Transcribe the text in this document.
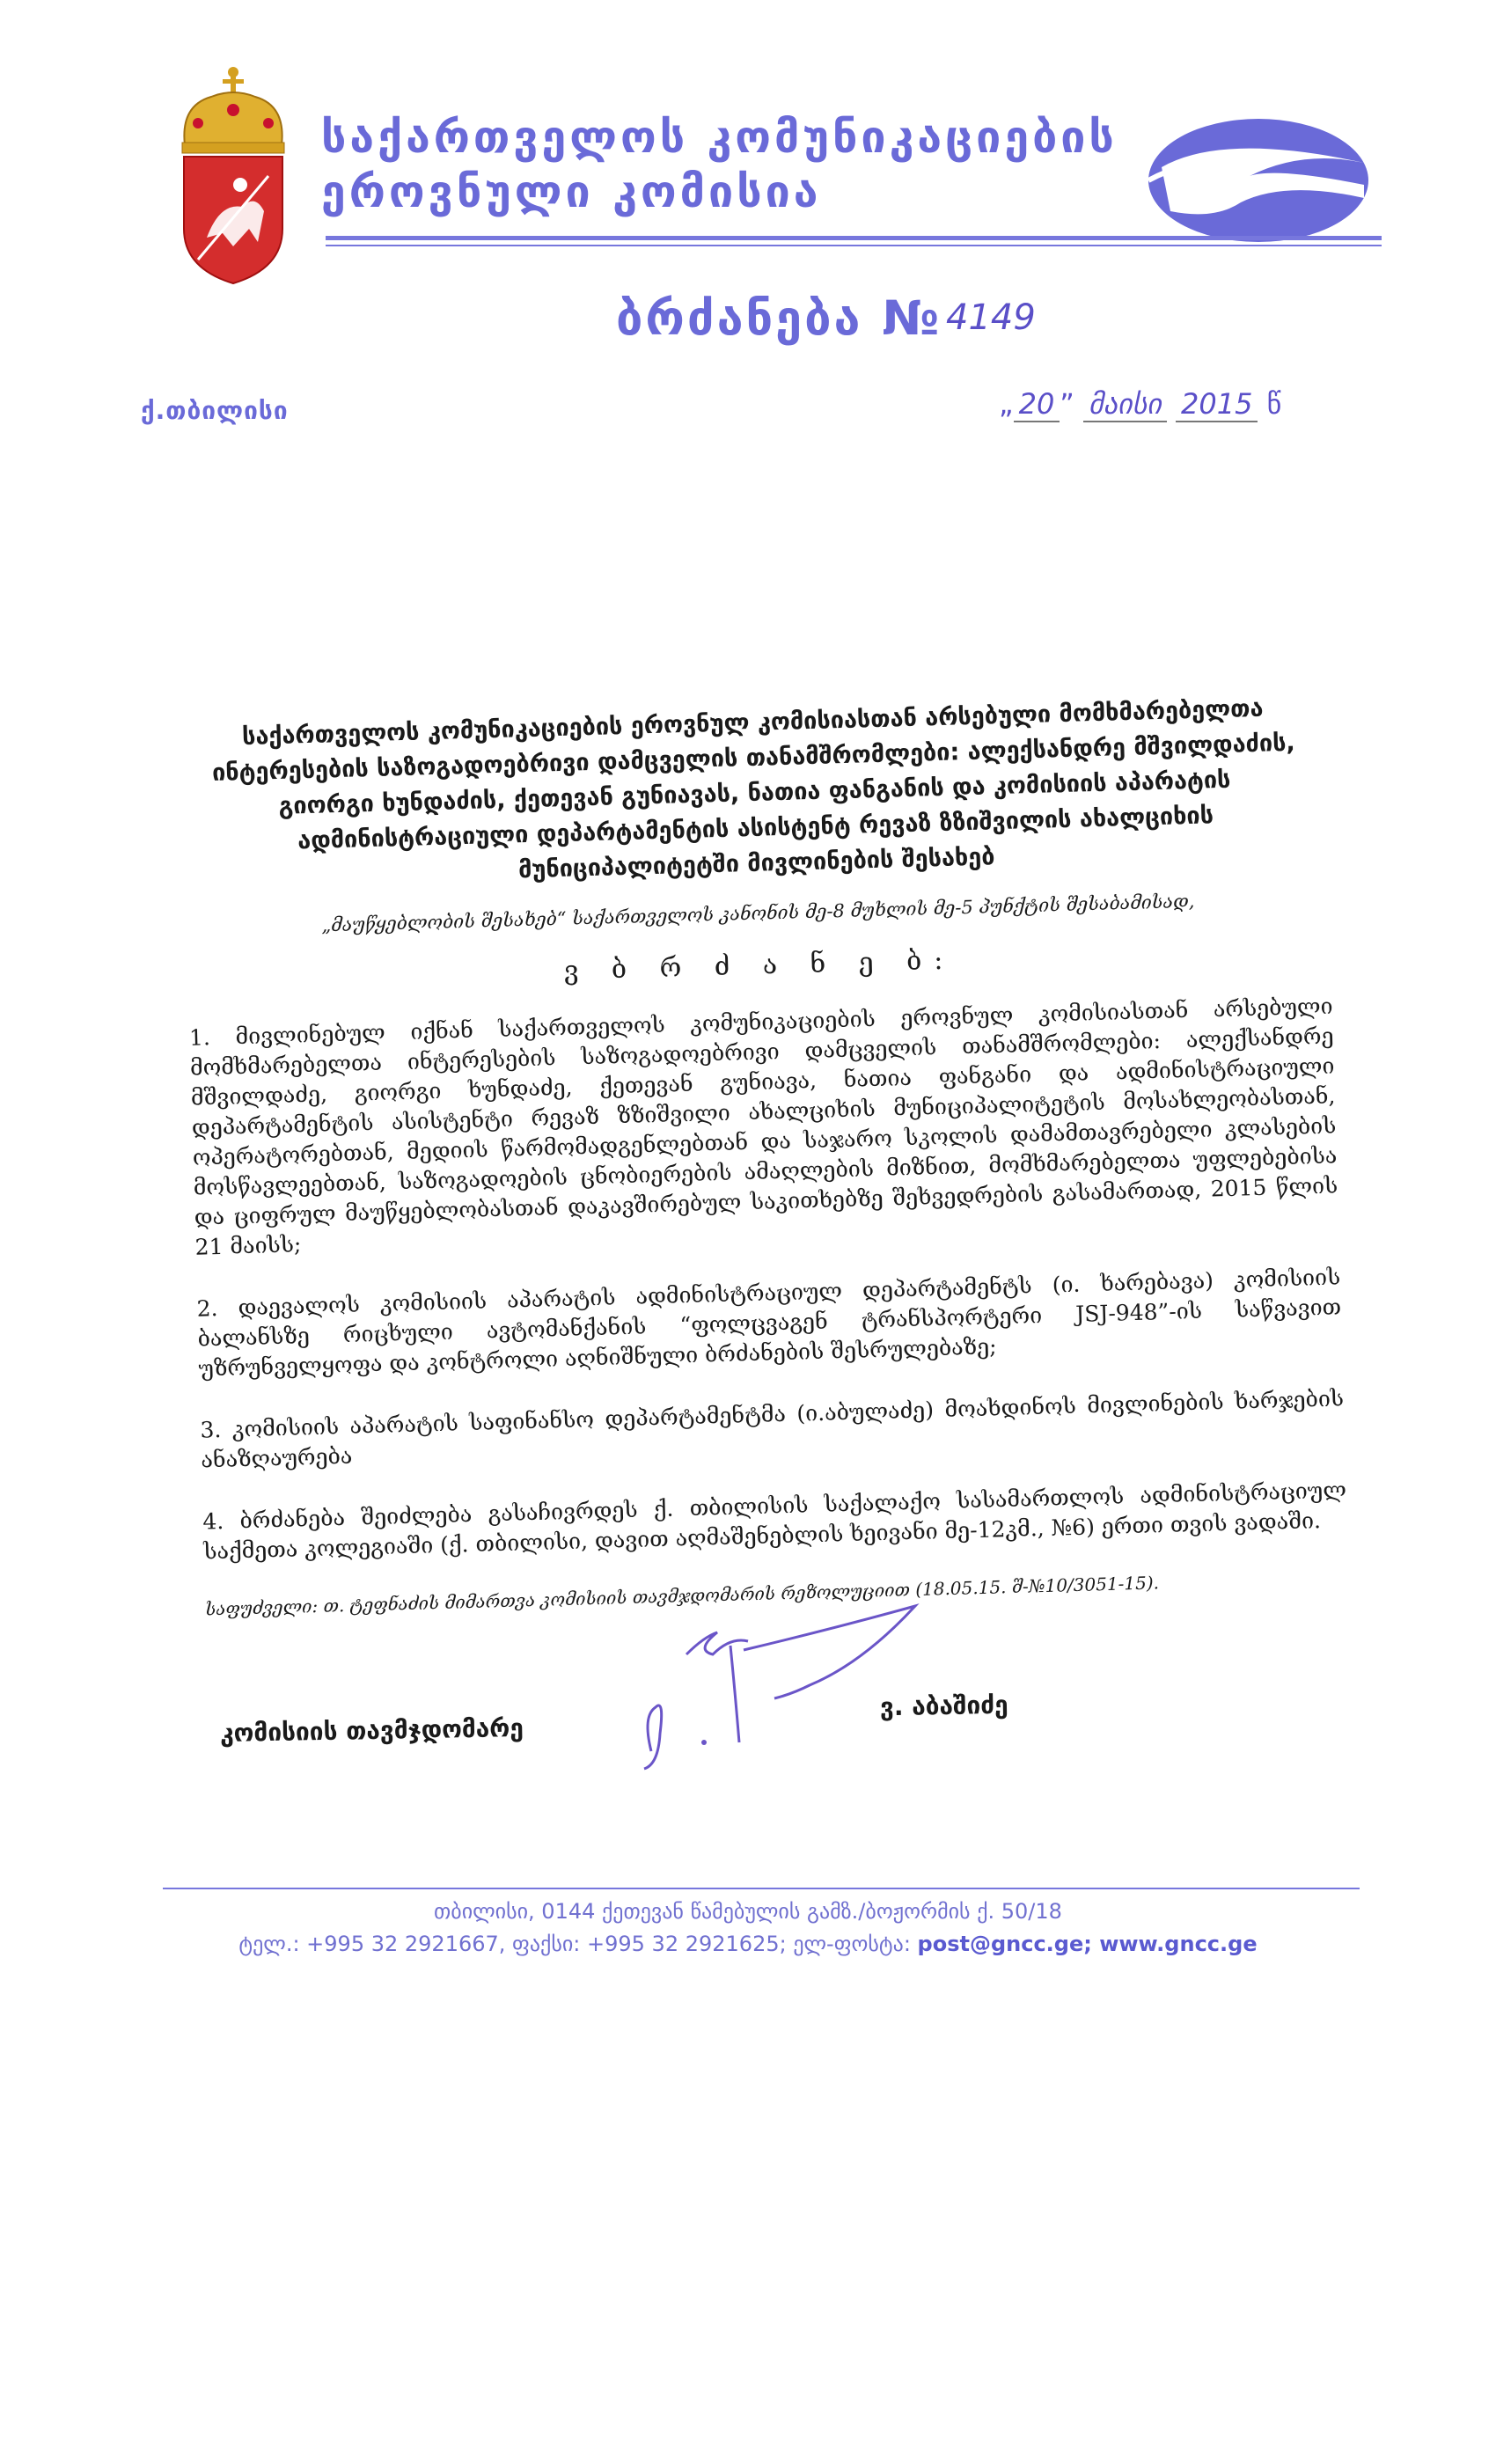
საქართველოს კომუნიკაციების
ეროვნული კომისია
ბრძანება № 4149
ქ.თბილისი	„ 20 ” მაისი 2015 წ

საქართველოს კომუნიკაციების ეროვნულ კომისიასთან არსებული მომხმარებელთა ინტერესების საზოგადოებრივი დამცველის თანამშრომლები: ალექსანდრე მშვილდაძის, გიორგი ხუნდაძის, ქეთევან გუნიავას, ნათია ფანგანის და კომისიის აპარატის ადმინისტრაციული დეპარტამენტის ასისტენტ რევაზ ზზიშვილის ახალციხის მუნიციპალიტეტში მივლინების შესახებ

„მაუწყებლობის შესახებ“ საქართველოს კანონის მე-8 მუხლის მე-5 პუნქტის შესაბამისად,

ვ ბ რ ძ ა ნ ე ბ:

1. მივლინებულ იქნან საქართველოს კომუნიკაციების ეროვნულ კომისიასთან არსებული მომხმარებელთა ინტერესების საზოგადოებრივი დამცველის თანამშრომლები: ალექსანდრე მშვილდაძე, გიორგი ხუნდაძე, ქეთევან გუნიავა, ნათია ფანგანი და ადმინისტრაციული დეპარტამენტის ასისტენტი რევაზ ზზიშვილი ახალციხის მუნიციპალიტეტის მოსახლეობასთან, ოპერატორებთან, მედიის წარმომადგენლებთან და საჯარო სკოლის დამამთავრებელი კლასების მოსწავლეებთან, საზოგადოების ცნობიერების ამაღლების მიზნით, მომხმარებელთა უფლებებისა და ციფრულ მაუწყებლობასთან დაკავშირებულ საკითხებზე შეხვედრების გასამართად, 2015 წლის 21 მაისს;

2. დაევალოს კომისიის აპარატის ადმინისტრაციულ დეპარტამენტს (ი. ხარებავა) კომისიის ბალანსზე რიცხული ავტომანქანის “ფოლცვაგენ ტრანსპორტერი JSJ-948”-ის საწვავით უზრუნველყოფა და კონტროლი აღნიშნული ბრძანების შესრულებაზე;

3. კომისიის აპარატის საფინანსო დეპარტამენტმა (ი.აბულაძე) მოახდინოს მივლინების ხარჯების ანაზღაურება

4. ბრძანება შეიძლება გასაჩივრდეს ქ. თბილისის საქალაქო სასამართლოს ადმინისტრაციულ საქმეთა კოლეგიაში (ქ. თბილისი, დავით აღმაშენებლის ხეივანი მე-12კმ., №6) ერთი თვის ვადაში.

საფუძველი: თ. ტეფნაძის მიმართვა კომისიის თავმჯდომარის რეზოლუციით (18.05.15. შ-№10/3051-15).

კომისიის თავმჯდომარე
ვ. აბაშიძე
თბილისი, 0144 ქეთევან წამებულის გამზ./ბოჟორმის ქ. 50/18
ტელ.: +995 32 2921667, ფაქსი: +995 32 2921625; ელ-ფოსტა: post@gncc.ge; www.gncc.ge
